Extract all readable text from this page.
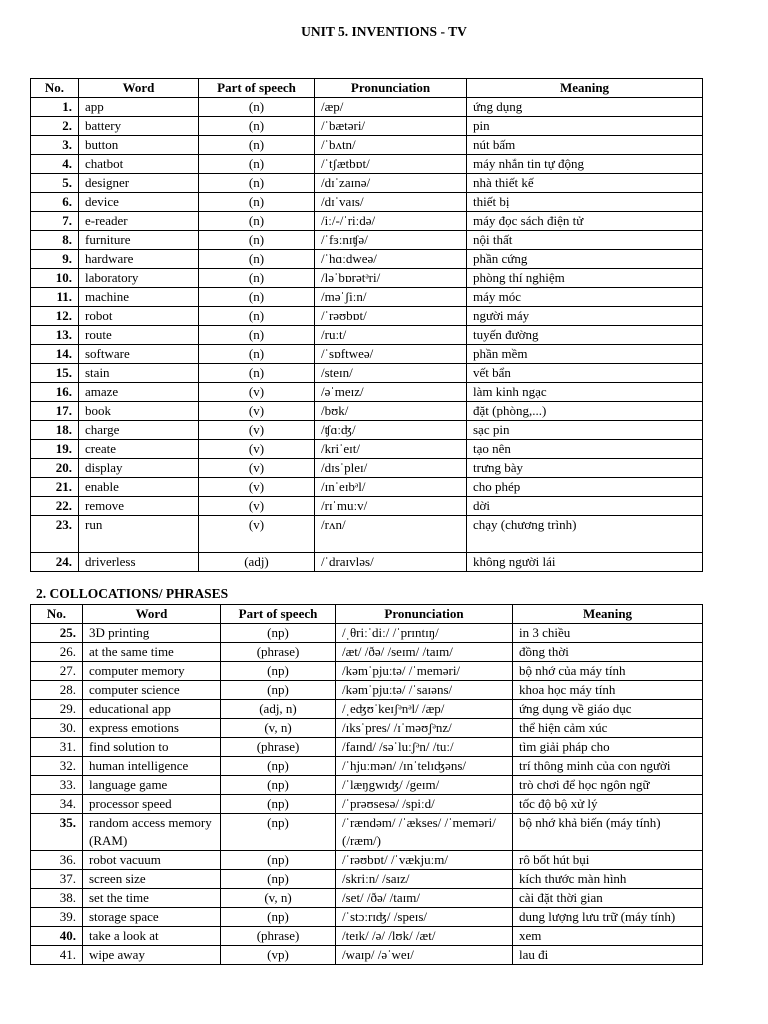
UNIT 5. INVENTIONS - TV
No.	Word	Part of speech	Pronunciation	Meaning
1.	app	(n)	/æp/	ứng dụng
2.	battery	(n)	/ˈbætəri/	pin
3.	button	(n)	/ˈbʌtn/	nút bấm
4.	chatbot	(n)	/ˈtʃætbɒt/	máy nhắn tin tự động
5.	designer	(n)	/dɪˈzaɪnə/	nhà thiết kế
6.	device	(n)	/dɪˈvaɪs/	thiết bị
7.	e-reader	(n)	/iː/-/ˈriːdə/	máy đọc sách điện tử
8.	furniture	(n)	/ˈfɜːnɪʧə/	nội thất
9.	hardware	(n)	/ˈhɑːdweə/	phần cứng
10.	laboratory	(n)	/ləˈbɒrətᵊri/	phòng thí nghiệm
11.	machine	(n)	/məˈʃiːn/	máy móc
12.	robot	(n)	/ˈrəʊbɒt/	người máy
13.	route	(n)	/ruːt/	tuyến đường
14.	software	(n)	/ˈsɒftweə/	phần mềm
15.	stain	(n)	/steɪn/	vết bẩn
16.	amaze	(v)	/əˈmeɪz/	làm kinh ngạc
17.	book	(v)	/bʊk/	đặt (phòng,...)
18.	charge	(v)	/ʧɑːʤ/	sạc pin
19.	create	(v)	/kriˈeɪt/	tạo nên
20.	display	(v)	/dɪsˈpleɪ/	trưng bày
21.	enable	(v)	/ɪnˈeɪbᵊl/	cho phép
22.	remove	(v)	/rɪˈmuːv/	dời
23.	run	(v)	/rʌn/	chạy (chương trình)
24.	driverless	(adj)	/ˈdraɪvləs/	không người lái
2. COLLOCATIONS/ PHRASES
No.	Word	Part of speech	Pronunciation	Meaning
25.	3D printing	(np)	/ˌθriːˈdiː/ /ˈprɪntɪŋ/	in 3 chiều
26.	at the same time	(phrase)	/æt/ /ðə/ /seɪm/ /taɪm/	đồng thời
27.	computer memory	(np)	/kəmˈpjuːtə/ /ˈmeməri/	bộ nhớ của máy tính
28.	computer science	(np)	/kəmˈpjuːtə/ /ˈsaɪəns/	khoa học máy tính
29.	educational app	(adj, n)	/ˌeʤʊˈkeɪʃᵊnᵊl/ /æp/	ứng dụng về giáo dục
30.	express emotions	(v, n)	/ɪksˈpres/ /ɪˈməʊʃᵊnz/	thể hiện cảm xúc
31.	find solution to	(phrase)	/faɪnd/ /səˈluːʃᵊn/ /tuː/	tìm giải pháp cho
32.	human intelligence	(np)	/ˈhjuːmən/ /ɪnˈtelɪʤəns/	trí thông minh của con người
33.	language game	(np)	/ˈlæŋgwɪʤ/ /geɪm/	trò chơi để học ngôn ngữ
34.	processor speed	(np)	/ˈprəʊsesə/ /spiːd/	tốc độ bộ xử lý
35.	random access memory (RAM)	(np)	/ˈrændəm/ /ˈækses/ /ˈmeməri/ (/ræm/)	bộ nhớ khả biến (máy tính)
36.	robot vacuum	(np)	/ˈrəʊbɒt/ /ˈvækjuːm/	rô bốt hút bụi
37.	screen size	(np)	/skriːn/ /saɪz/	kích thước màn hình
38.	set the time	(v, n)	/set/ /ðə/ /taɪm/	cài đặt thời gian
39.	storage space	(np)	/ˈstɔːrɪʤ/ /speɪs/	dung lượng lưu trữ (máy tính)
40.	take a look at	(phrase)	/teɪk/ /ə/ /lʊk/ /æt/	xem
41.	wipe away	(vp)	/waɪp/ /əˈweɪ/	lau đi
